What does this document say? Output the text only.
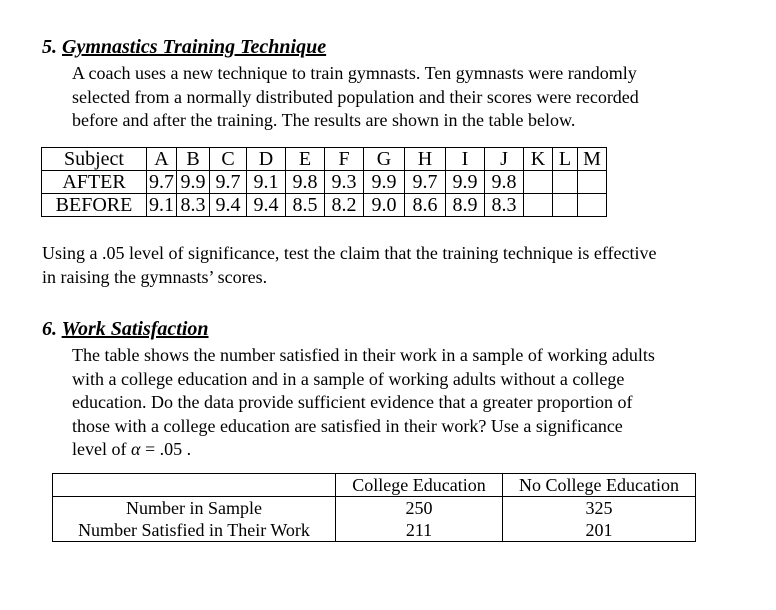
5. Gymnastics Training Technique
A coach uses a new technique to train gymnasts. Ten gymnasts were randomly
selected from a normally distributed population and their scores were recorded
before and after the training. The results are shown in the table below.
Subject	A	B	C	D	E	F	G	H	I	J	K	L	M
AFTER	9.7	9.9	9.7	9.1	9.8	9.3	9.9	9.7	9.9	9.8			
BEFORE	9.1	8.3	9.4	9.4	8.5	8.2	9.0	8.6	8.9	8.3			
Using a .05 level of significance, test the claim that the training technique is effective
in raising the gymnasts’ scores.
6. Work Satisfaction
The table shows the number satisfied in their work in a sample of working adults
with a college education and in a sample of working adults without a college
education. Do the data provide sufficient evidence that a greater proportion of
those with a college education are satisfied in their work? Use a significance
level of α = .05 .
	College Education	No College Education
Number in Sample	250	325
Number Satisfied in Their Work	211	201
